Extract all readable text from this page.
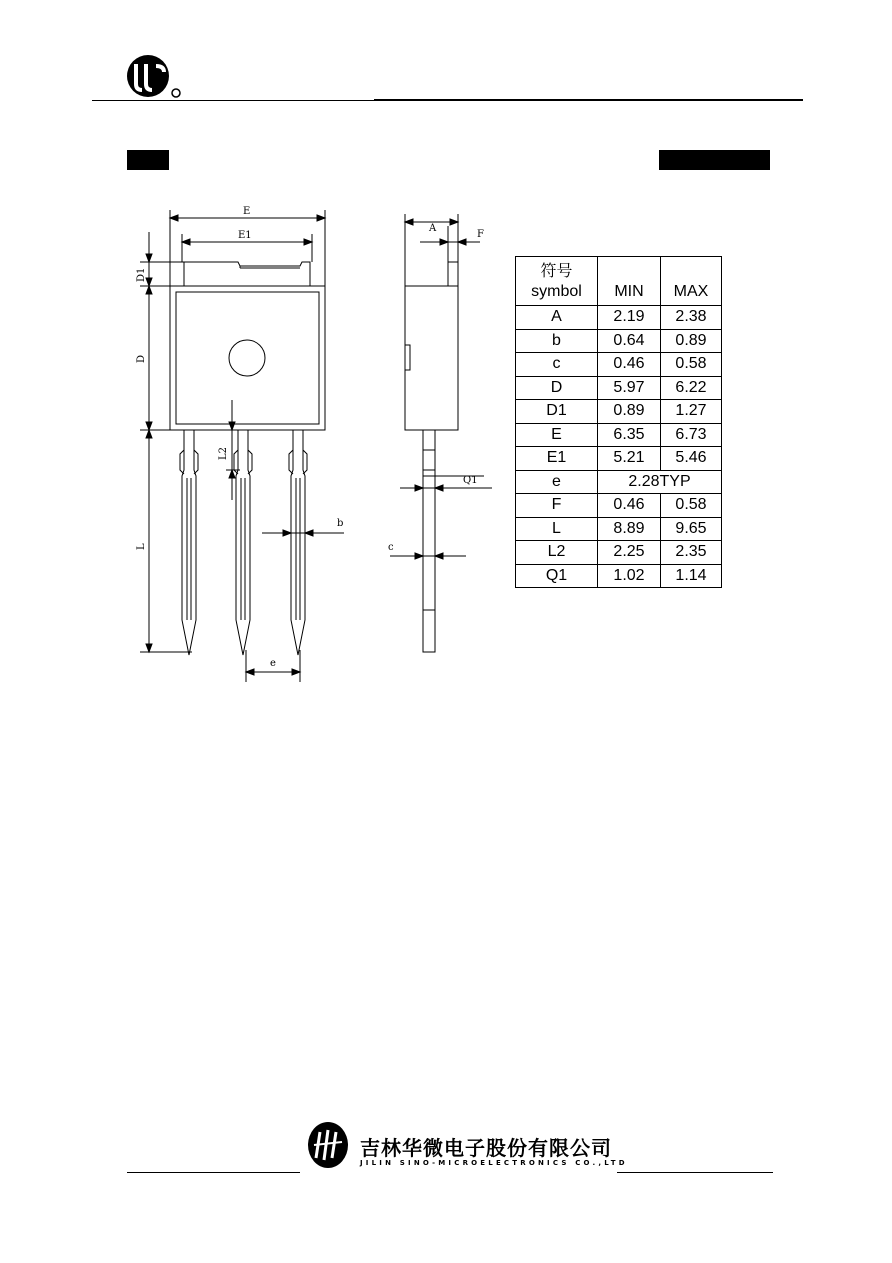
E
E1
D1
D
L2
L
b
e
A
F
Q1
c
符号
symbol	MIN	MAX
A	2.19	2.38
b	0.64	0.89
c	0.46	0.58
D	5.97	6.22
D1	0.89	1.27
E	6.35	6.73
E1	5.21	5.46
e	2.28TYP	
F	0.46	0.58
L	8.89	9.65
L2	2.25	2.35
Q1	1.02	1.14
吉林华微电子股份有限公司
JILIN SINO-MICROELECTRONICS CO.,LTD
